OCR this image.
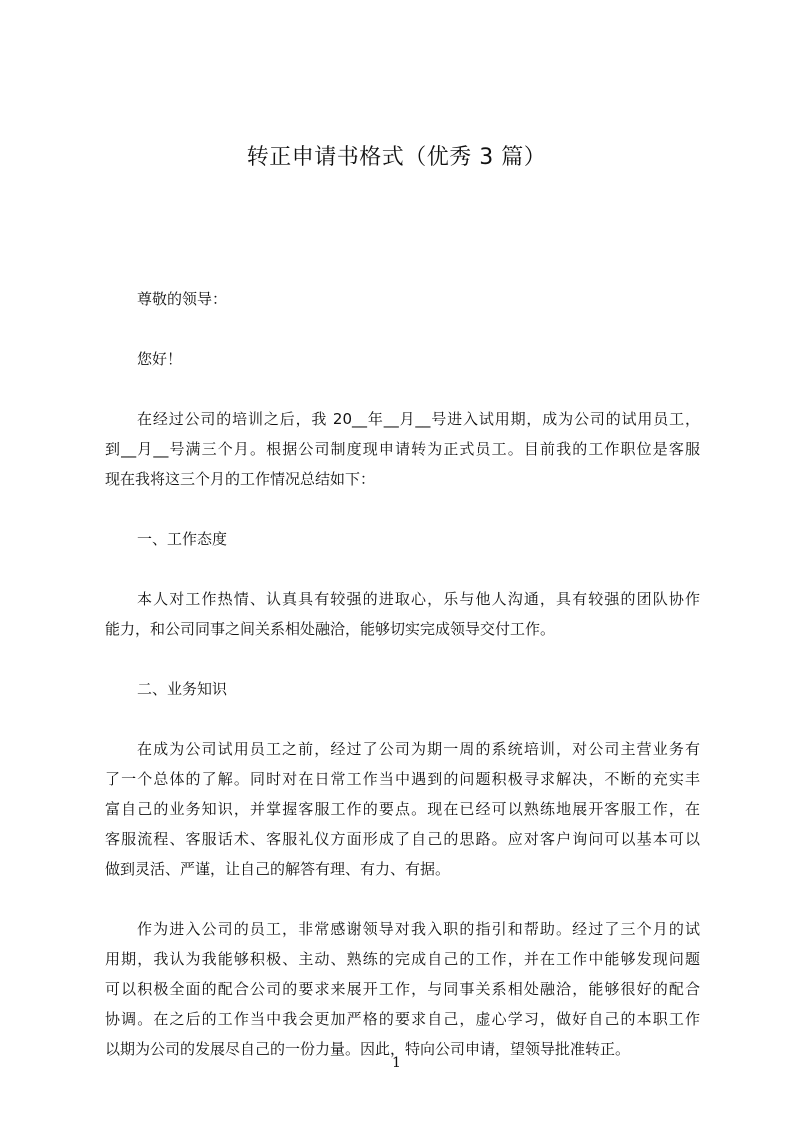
转正申请书格式（优秀 3 篇）

尊敬的领导：

您好！

在经过公司的培训之后，我 20__年__月__号进入试用期，成为公司的试用员工，
到__月__号满三个月。根据公司制度现申请转为正式员工。目前我的工作职位是客服
现在我将这三个月的工作情况总结如下：

一、工作态度

本人对工作热情、认真具有较强的进取心，乐与他人沟通，具有较强的团队协作
能力，和公司同事之间关系相处融洽，能够切实完成领导交付工作。

二、业务知识

在成为公司试用员工之前，经过了公司为期一周的系统培训，对公司主营业务有
了一个总体的了解。同时对在日常工作当中遇到的问题积极寻求解决，不断的充实丰
富自己的业务知识，并掌握客服工作的要点。现在已经可以熟练地展开客服工作，在
客服流程、客服话术、客服礼仪方面形成了自己的思路。应对客户询问可以基本可以
做到灵活、严谨，让自己的解答有理、有力、有据。

作为进入公司的员工，非常感谢领导对我入职的指引和帮助。经过了三个月的试
用期，我认为我能够积极、主动、熟练的完成自己的工作，并在工作中能够发现问题
可以积极全面的配合公司的要求来展开工作，与同事关系相处融洽，能够很好的配合
协调。在之后的工作当中我会更加严格的要求自己，虚心学习，做好自己的本职工作
以期为公司的发展尽自己的一份力量。因此，特向公司申请，望领导批准转正。

1
